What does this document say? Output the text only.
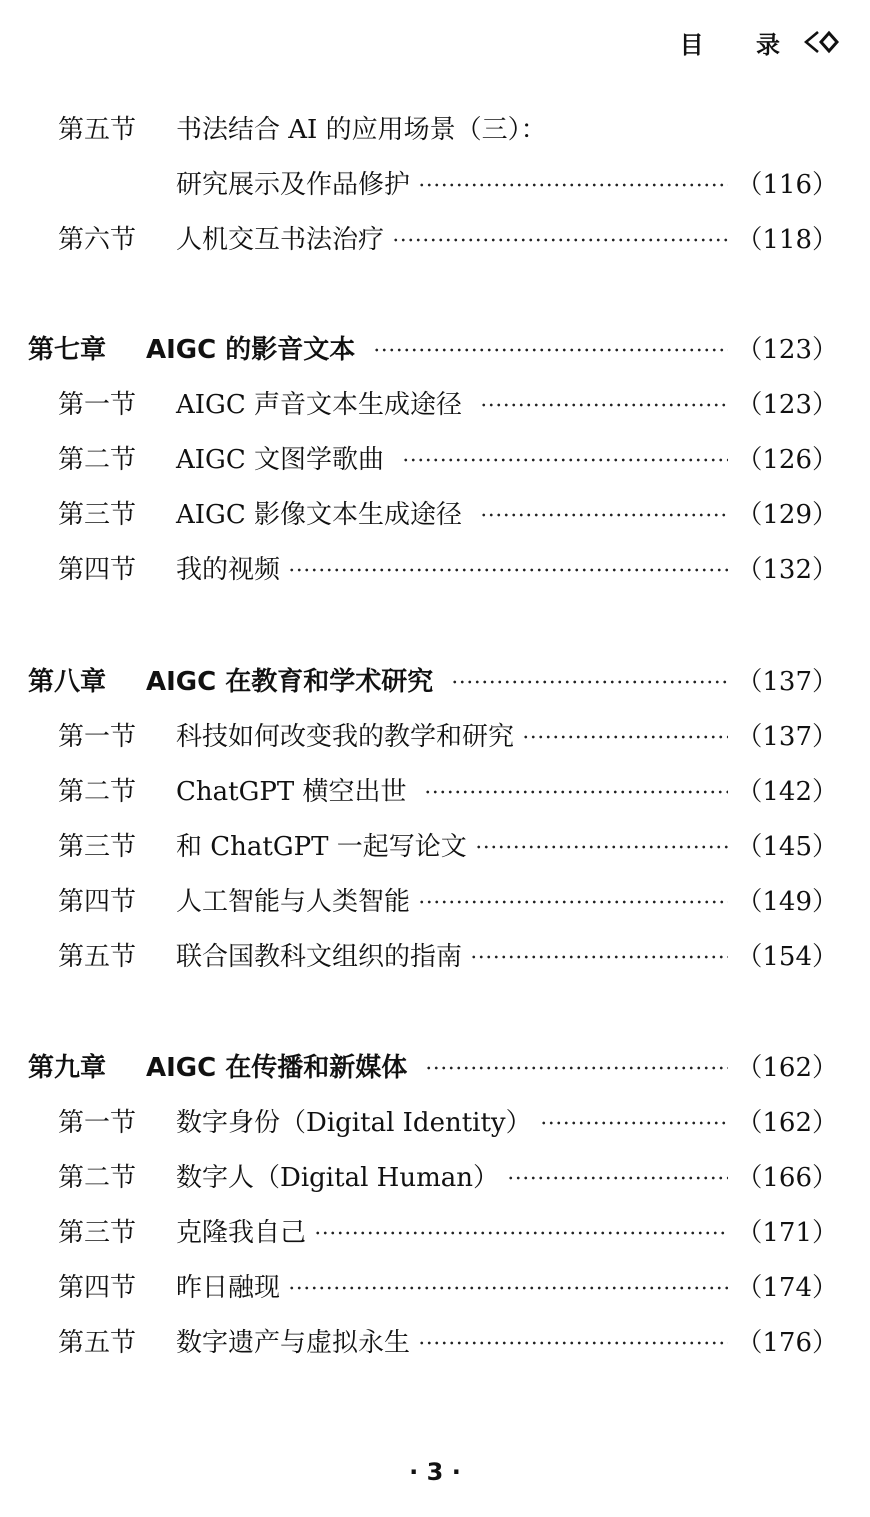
目 录
第五节	书法结合 AI 的应用场景（三）：
研究展示及作品修护	（116）
第六节	人机交互书法治疗	（118）
第七章	AIGC 的影音文本	（123）
第一节	AIGC 声音文本生成途径	（123）
第二节	AIGC 文图学歌曲	（126）
第三节	AIGC 影像文本生成途径	（129）
第四节	我的视频	（132）
第八章	AIGC 在教育和学术研究	（137）
第一节	科技如何改变我的教学和研究	（137）
第二节	ChatGPT 横空出世	（142）
第三节	和 ChatGPT 一起写论文	（145）
第四节	人工智能与人类智能	（149）
第五节	联合国教科文组织的指南	（154）
第九章	AIGC 在传播和新媒体	（162）
第一节	数字身份（Digital Identity）	（162）
第二节	数字人（Digital Human）	（166）
第三节	克隆我自己	（171）
第四节	昨日融现	（174）
第五节	数字遗产与虚拟永生	（176）
· 3 ·
